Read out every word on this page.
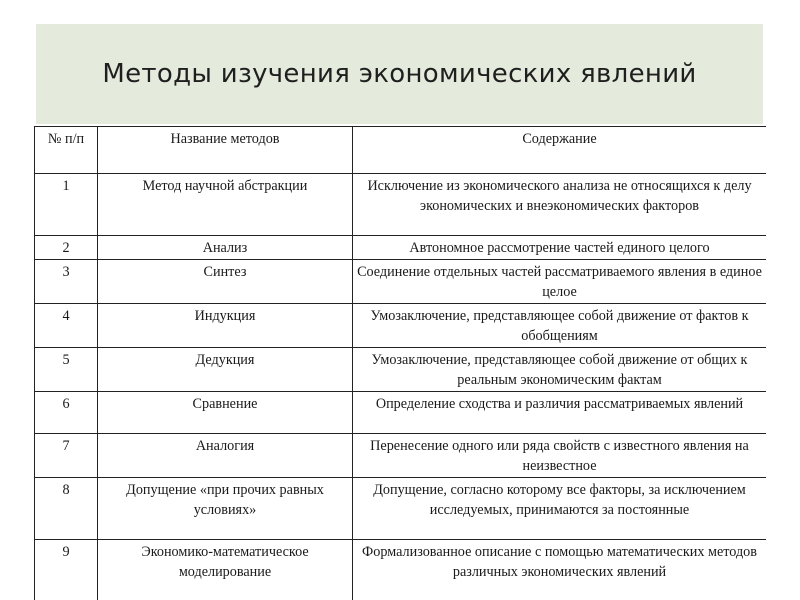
Методы изучения экономических явлений
№ п/п	Название методов	Содержание
1	Метод научной абстракции	Исключение из экономического анализа не относящихся к делу экономических и внеэкономических факторов
2	Анализ	Автономное рассмотрение частей единого целого
3	Синтез	Соединение отдельных частей рассматриваемого явления в единое целое
4	Индукция	Умозаключение, представляющее собой движение от фактов к обобщениям
5	Дедукция	Умозаключение, представляющее собой движение от общих к реальным экономическим фактам
6	Сравнение	Определение сходства и различия рассматриваемых явлений
7	Аналогия	Перенесение одного или ряда свойств с известного явления на неизвестное
8	Допущение «при прочих равных условиях»	Допущение, согласно которому все факторы, за исключением исследуемых, принимаются за постоянные
9	Экономико-математическое моделирование	Формализованное описание с помощью математических методов различных экономических явлений
